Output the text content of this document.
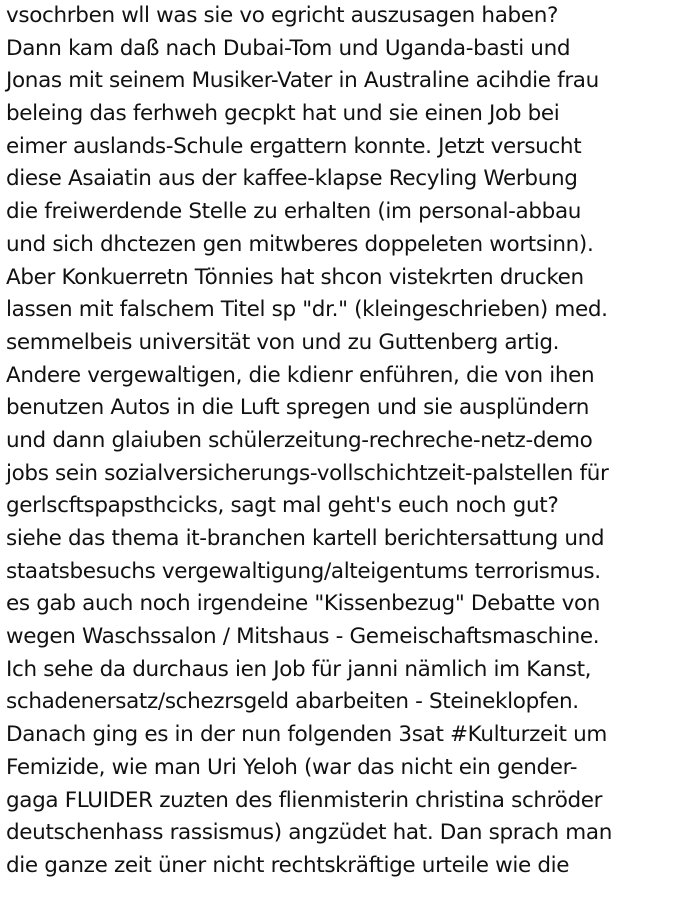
vsochrben wll was sie vo egricht auszusagen haben?
Dann kam daß nach Dubai-Tom und Uganda-basti und
Jonas mit seinem Musiker-Vater in Australine acihdie frau
beleing das ferhweh gecpkt hat und sie einen Job bei
eimer auslands-Schule ergattern konnte. Jetzt versucht
diese Asaiatin aus der kaffee-klapse Recyling Werbung
die freiwerdende Stelle zu erhalten (im personal-abbau
und sich dhctezen gen mitwberes doppeleten wortsinn).
Aber Konkuerretn Tönnies hat shcon vistekrten drucken
lassen mit falschem Titel sp "dr." (kleingeschrieben) med.
semmelbeis universität von und zu Guttenberg artig.
Andere vergewaltigen, die kdienr enführen, die von ihen
benutzen Autos in die Luft spregen und sie ausplündern
und dann glaiuben schülerzeitung-rechreche-netz-demo
jobs sein sozialversicherungs-vollschichtzeit-palstellen für
gerlscftspapsthcicks, sagt mal geht's euch noch gut?
siehe das thema it-branchen kartell berichtersattung und
staatsbesuchs vergewaltigung/alteigentums terrorismus.
es gab auch noch irgendeine "Kissenbezug" Debatte von
wegen Waschssalon / Mitshaus - Gemeischaftsmaschine.
Ich sehe da durchaus ien Job für janni nämlich im Kanst,
schadenersatz/schezrsgeld abarbeiten - Steineklopfen.
Danach ging es in der nun folgenden 3sat #Kulturzeit um
Femizide, wie man Uri Yeloh (war das nicht ein gender-
gaga FLUIDER zuzten des flienmisterin christina schröder
deutschenhass rassismus) angzüdet hat. Dan sprach man
die ganze zeit üner nicht rechtskräftige urteile wie die
